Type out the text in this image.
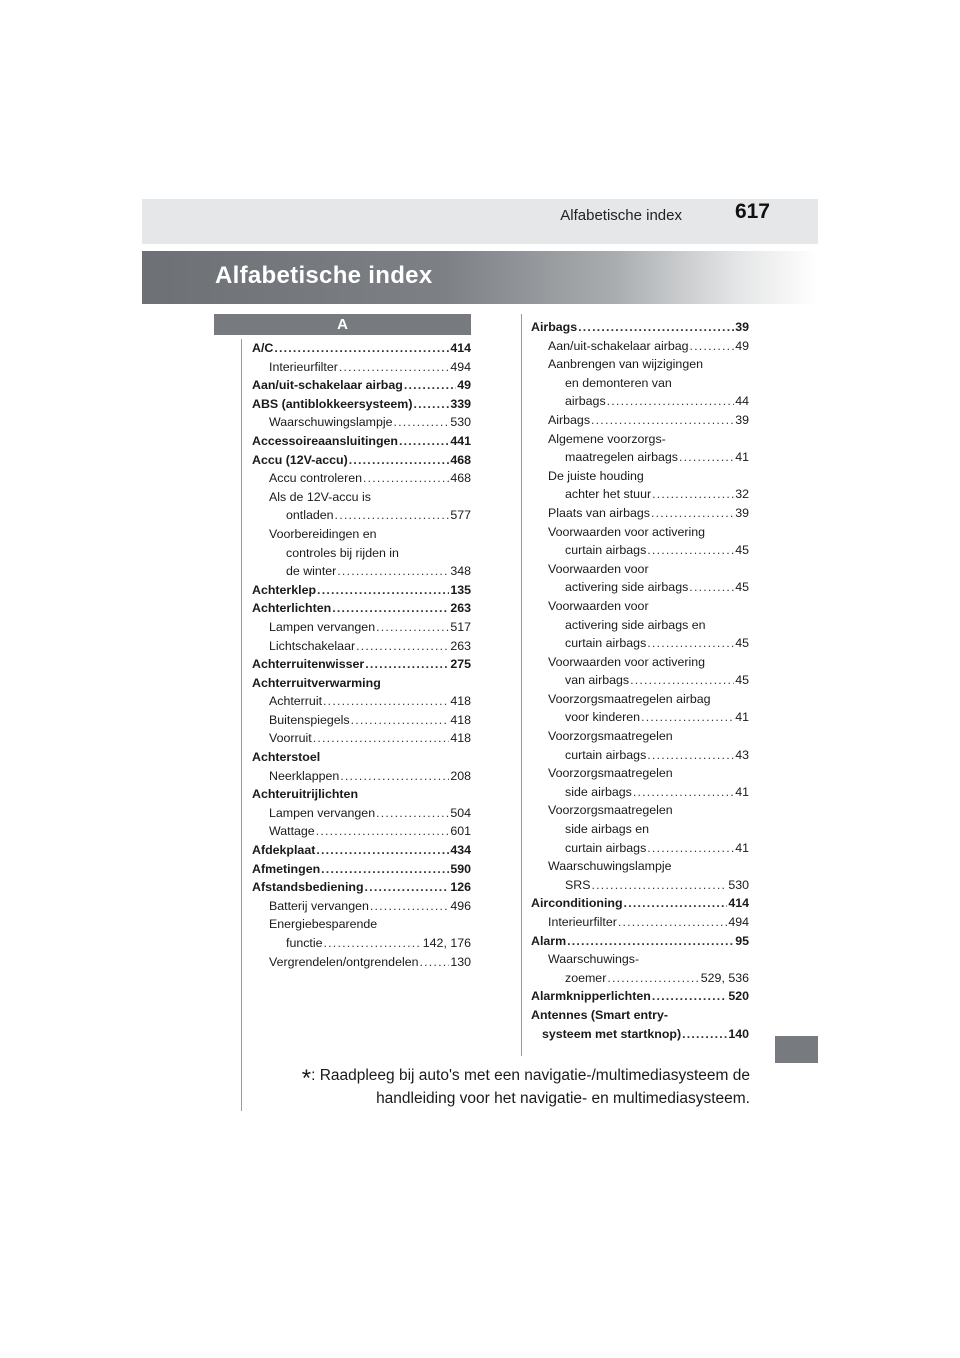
Alfabetische index	617
Alfabetische index
A
A/C .....	414
Interieurfilter .....	494
Aan/uit-schakelaar airbag .....	49
ABS (antiblokkeersysteem) .....	339
Waarschuwingslampje .....	530
Accessoireaansluitingen .....	441
Accu (12V-accu) .....	468
Accu controleren .....	468
Als de 12V-accu is
ontladen .....	577
Voorbereidingen en
controles bij rijden in
de winter .....	348
Achterklep .....	135
Achterlichten .....	263
Lampen vervangen .....	517
Lichtschakelaar .....	263
Achterruitenwisser .....	275
Achterruitverwarming
Achterruit .....	418
Buitenspiegels .....	418
Voorruit .....	418
Achterstoel
Neerklappen .....	208
Achteruitrijlichten
Lampen vervangen .....	504
Wattage .....	601
Afdekplaat .....	434
Afmetingen .....	590
Afstandsbediening .....	126
Batterij vervangen .....	496
Energiebesparende
functie .....	142, 176
Vergrendelen/ontgrendelen .....	130
Airbags .....	39
Aan/uit-schakelaar airbag .....	49
Aanbrengen van wijzigingen
en demonteren van
airbags .....	44
Airbags .....	39
Algemene voorzorgs-
maatregelen airbags .....	41
De juiste houding
achter het stuur .....	32
Plaats van airbags .....	39
Voorwaarden voor activering
curtain airbags .....	45
Voorwaarden voor
activering side airbags .....	45
Voorwaarden voor
activering side airbags en
curtain airbags .....	45
Voorwaarden voor activering
van airbags .....	45
Voorzorgsmaatregelen airbag
voor kinderen .....	41
Voorzorgsmaatregelen
curtain airbags .....	43
Voorzorgsmaatregelen
side airbags .....	41
Voorzorgsmaatregelen
side airbags en
curtain airbags .....	41
Waarschuwingslampje
SRS .....	530
Airconditioning .....	414
Interieurfilter .....	494
Alarm .....	95
Waarschuwings-
zoemer .....	529, 536
Alarmknipperlichten .....	520
Antennes (Smart entry-
systeem met startknop) .....	140
*: Raadpleeg bij auto's met een navigatie-/multimediasysteem de
handleiding voor het navigatie- en multimediasysteem.
